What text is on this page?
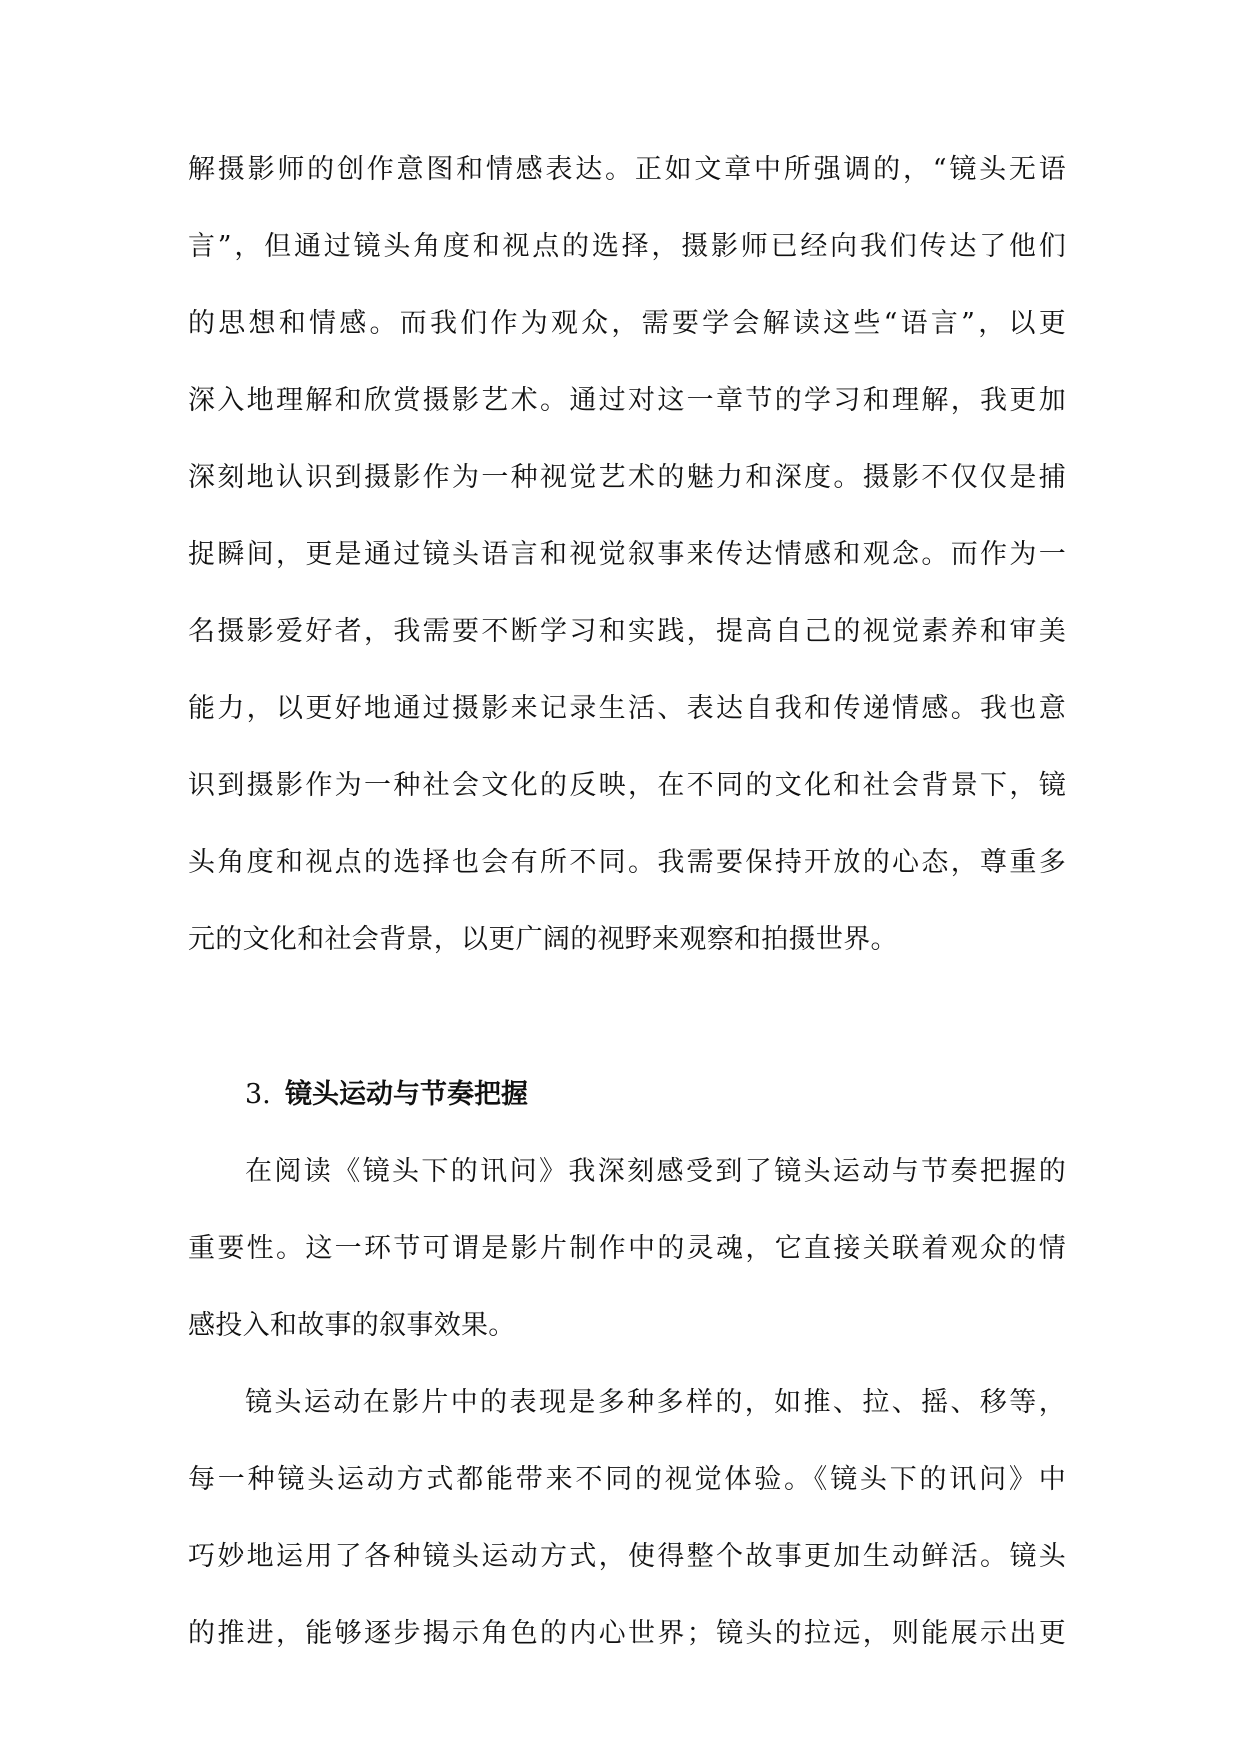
解摄影师的创作意图和情感表达。正如文章中所强调的，“镜头无语
言”，但通过镜头角度和视点的选择，摄影师已经向我们传达了他们
的思想和情感。而我们作为观众，需要学会解读这些“语言”，以更
深入地理解和欣赏摄影艺术。通过对这一章节的学习和理解，我更加
深刻地认识到摄影作为一种视觉艺术的魅力和深度。摄影不仅仅是捕
捉瞬间，更是通过镜头语言和视觉叙事来传达情感和观念。而作为一
名摄影爱好者，我需要不断学习和实践，提高自己的视觉素养和审美
能力，以更好地通过摄影来记录生活、表达自我和传递情感。我也意
识到摄影作为一种社会文化的反映，在不同的文化和社会背景下，镜
头角度和视点的选择也会有所不同。我需要保持开放的心态，尊重多
元的文化和社会背景，以更广阔的视野来观察和拍摄世界。
3. 镜头运动与节奏把握
在阅读《镜头下的讯问》我深刻感受到了镜头运动与节奏把握的
重要性。这一环节可谓是影片制作中的灵魂，它直接关联着观众的情
感投入和故事的叙事效果。
镜头运动在影片中的表现是多种多样的，如推、拉、摇、移等，
每一种镜头运动方式都能带来不同的视觉体验。《镜头下的讯问》中
巧妙地运用了各种镜头运动方式，使得整个故事更加生动鲜活。镜头
的推进，能够逐步揭示角色的内心世界；镜头的拉远，则能展示出更
